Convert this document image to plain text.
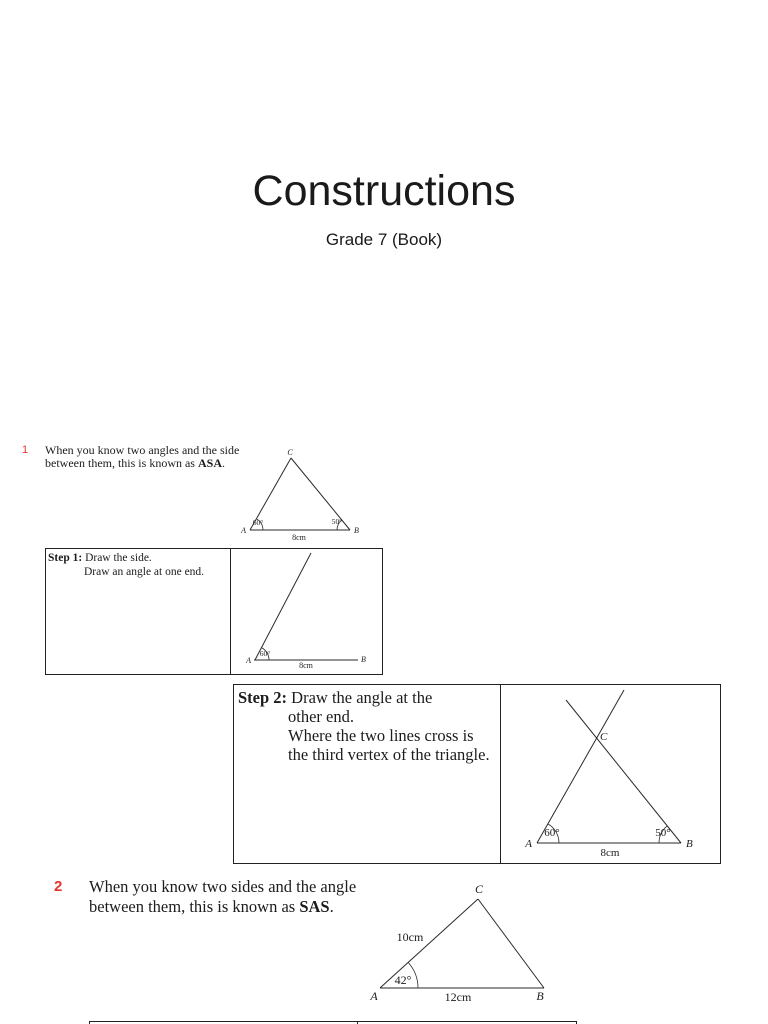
Constructions
Grade 7 (Book)
1 When you know two angles and the side
between them, this is known as ASA.
60°	50°
8cm
A	B
C
Step 1: Draw the side.
Draw an angle at one end.
60°
8cm
A	B
Step 2: Draw the angle at the
other end.
Where the two lines cross is
the third vertex of the triangle.
60°	50°
8cm
A	B
C
2 When you know two sides and the angle
between them, this is known as SAS.
42°
10cm
12cm
A	B
C
